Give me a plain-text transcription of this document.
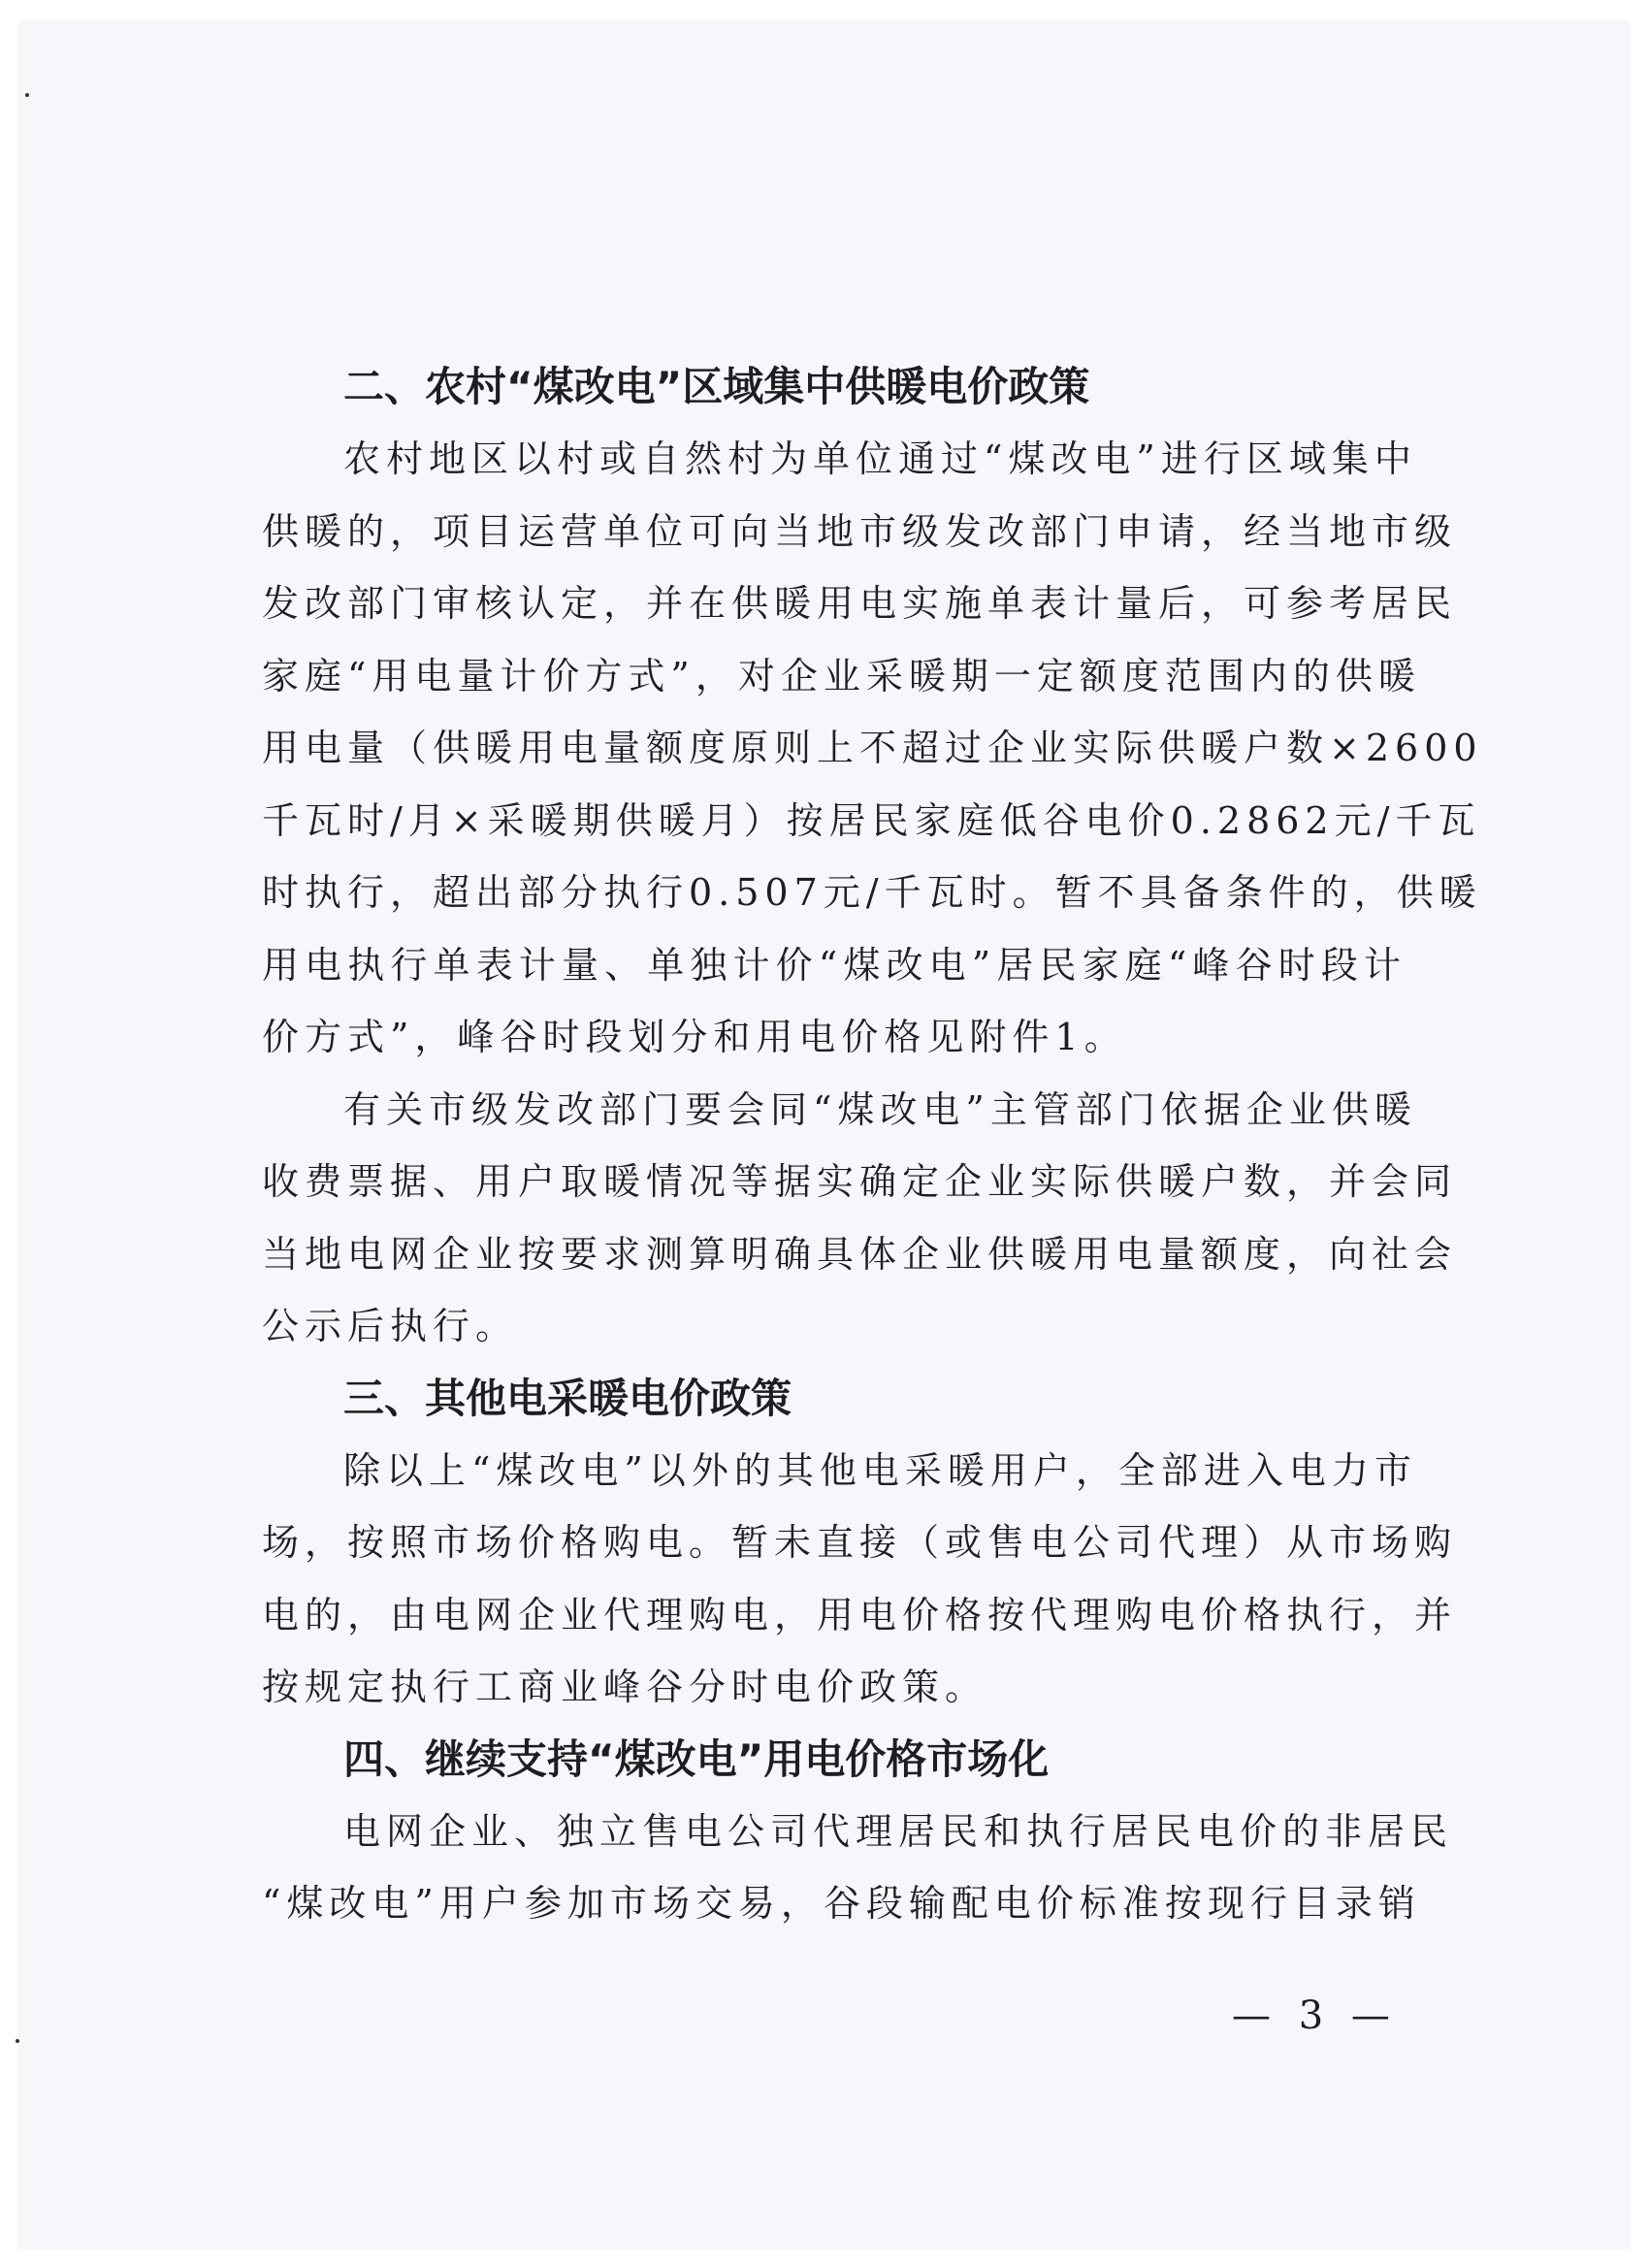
二、农村“煤改电”区域集中供暖电价政策
农村地区以村或自然村为单位通过“煤改电”进行区域集中
供暖的，项目运营单位可向当地市级发改部门申请，经当地市级
发改部门审核认定，并在供暖用电实施单表计量后，可参考居民
家庭“用电量计价方式”，对企业采暖期一定额度范围内的供暖
用电量（供暖用电量额度原则上不超过企业实际供暖户数×2600
千瓦时/月×采暖期供暖月）按居民家庭低谷电价0.2862元/千瓦
时执行，超出部分执行0.507元/千瓦时。暂不具备条件的，供暖
用电执行单表计量、单独计价“煤改电”居民家庭“峰谷时段计
价方式”，峰谷时段划分和用电价格见附件1。
有关市级发改部门要会同“煤改电”主管部门依据企业供暖
收费票据、用户取暖情况等据实确定企业实际供暖户数，并会同
当地电网企业按要求测算明确具体企业供暖用电量额度，向社会
公示后执行。
三、其他电采暖电价政策
除以上“煤改电”以外的其他电采暖用户，全部进入电力市
场，按照市场价格购电。暂未直接（或售电公司代理）从市场购
电的，由电网企业代理购电，用电价格按代理购电价格执行，并
按规定执行工商业峰谷分时电价政策。
四、继续支持“煤改电”用电价格市场化
电网企业、独立售电公司代理居民和执行居民电价的非居民
“煤改电”用户参加市场交易，谷段输配电价标准按现行目录销
— 3 —
